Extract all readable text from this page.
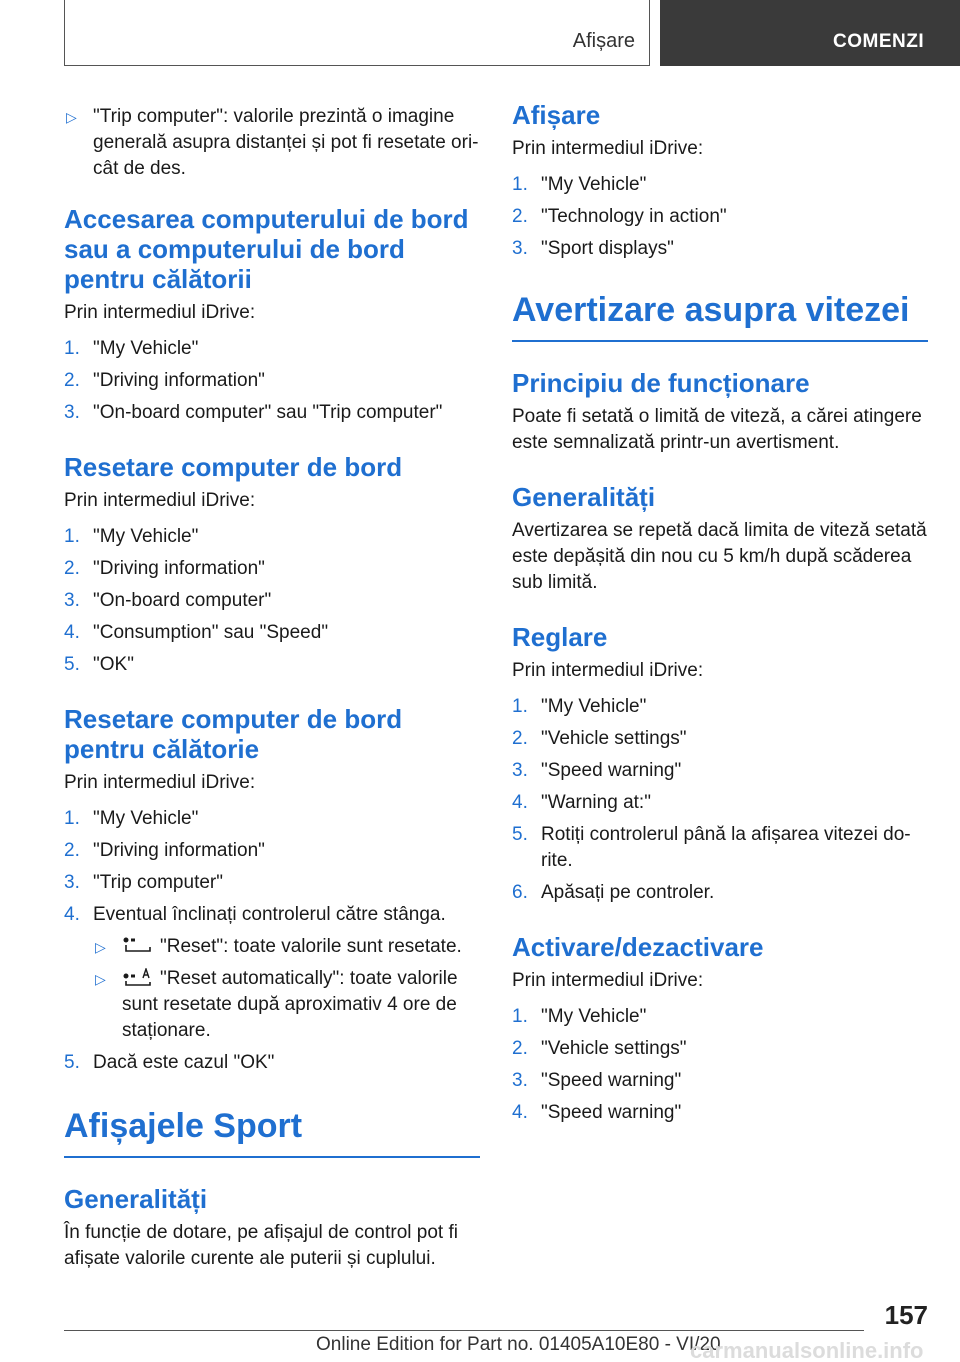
Afișare	COMENZI
▷ "Trip computer": valorile prezintă o imagine generală asupra distanței și pot fi resetate ori-cât de des.
Accesarea computerului de bord sau a computerului de bord pentru călătorii
Prin intermediul iDrive:
1. "My Vehicle"
2. "Driving information"
3. "On-board computer" sau "Trip computer"
Resetare computer de bord
Prin intermediul iDrive:
1. "My Vehicle"
2. "Driving information"
3. "On-board computer"
4. "Consumption" sau "Speed"
5. "OK"
Resetare computer de bord pentru călătorie
Prin intermediul iDrive:
1. "My Vehicle"
2. "Driving information"
3. "Trip computer"
4. Eventual înclinați controlerul către stânga.
▷	"Reset": toate valorile sunt resetate.
▷	"Reset automatically": toate valorile sunt resetate după aproximativ 4 ore de staționare.
5. Dacă este cazul "OK"
Afișajele Sport
Generalități
În funcție de dotare, pe afișajul de control pot fi afișate valorile curente ale puterii și cuplului.
Afișare
Prin intermediul iDrive:
1. "My Vehicle"
2. "Technology in action"
3. "Sport displays"
Avertizare asupra vitezei
Principiu de funcționare
Poate fi setată o limită de viteză, a cărei atingere este semnalizată printr-un avertisment.
Generalități
Avertizarea se repetă dacă limita de viteză setată este depășită din nou cu 5 km/h după scăderea sub limită.
Reglare
Prin intermediul iDrive:
1. "My Vehicle"
2. "Vehicle settings"
3. "Speed warning"
4. "Warning at:"
5. Rotiți controlerul până la afișarea vitezei do-rite.
6. Apăsați pe controler.
Activare/dezactivare
Prin intermediul iDrive:
1. "My Vehicle"
2. "Vehicle settings"
3. "Speed warning"
4. "Speed warning"
157
Online Edition for Part no. 01405A10E80 - VI/20
carmanualsonline.info
